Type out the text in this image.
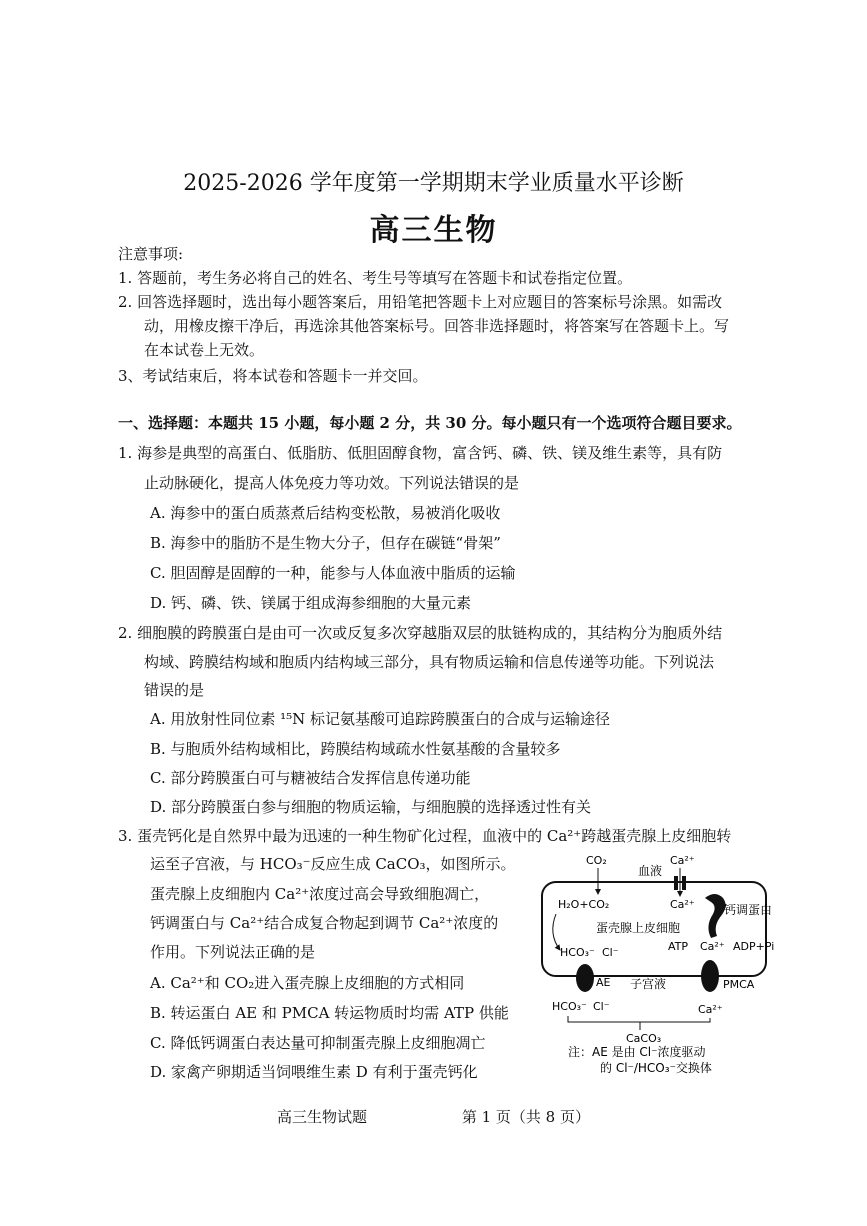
2025-2026 学年度第一学期期末学业质量水平诊断
高三生物
注意事项:
1. 答题前，考生务必将自己的姓名、考生号等填写在答题卡和试卷指定位置。
2. 回答选择题时，选出每小题答案后，用铅笔把答题卡上对应题目的答案标号涂黑。如需改
动，用橡皮擦干净后，再选涂其他答案标号。回答非选择题时，将答案写在答题卡上。写
在本试卷上无效。
3、考试结束后，将本试卷和答题卡一并交回。
一、选择题：本题共 15 小题，每小题 2 分，共 30 分。每小题只有一个选项符合题目要求。
1. 海参是典型的高蛋白、低脂肪、低胆固醇食物，富含钙、磷、铁、镁及维生素等，具有防
止动脉硬化，提高人体免疫力等功效。下列说法错误的是
A. 海参中的蛋白质蒸煮后结构变松散，易被消化吸收
B. 海参中的脂肪不是生物大分子，但存在碳链“骨架”
C. 胆固醇是固醇的一种，能参与人体血液中脂质的运输
D. 钙、磷、铁、镁属于组成海参细胞的大量元素
2. 细胞膜的跨膜蛋白是由可一次或反复多次穿越脂双层的肽链构成的，其结构分为胞质外结
构域、跨膜结构域和胞质内结构域三部分，具有物质运输和信息传递等功能。下列说法
错误的是
A. 用放射性同位素 ¹⁵N 标记氨基酸可追踪跨膜蛋白的合成与运输途径
B. 与胞质外结构域相比，跨膜结构域疏水性氨基酸的含量较多
C. 部分跨膜蛋白可与糖被结合发挥信息传递功能
D. 部分跨膜蛋白参与细胞的物质运输，与细胞膜的选择透过性有关
3. 蛋壳钙化是自然界中最为迅速的一种生物矿化过程，血液中的 Ca²⁺跨越蛋壳腺上皮细胞转
运至子宫液，与 HCO₃⁻反应生成 CaCO₃，如图所示。
蛋壳腺上皮细胞内 Ca²⁺浓度过高会导致细胞凋亡，
钙调蛋白与 Ca²⁺结合成复合物起到调节 Ca²⁺浓度的
作用。下列说法正确的是
A. Ca²⁺和 CO₂进入蛋壳腺上皮细胞的方式相同
B. 转运蛋白 AE 和 PMCA 转运物质时均需 ATP 供能
C. 降低钙调蛋白表达量可抑制蛋壳腺上皮细胞凋亡
D. 家禽产卵期适当饲喂维生素 D 有利于蛋壳钙化
CO₂
血液
Ca²⁺
Ca²⁺ 钙调蛋白
H₂O+CO₂
蛋壳腺上皮细胞
HCO₃⁻ Cl⁻	ATP Ca²⁺ ADP+Pi
AE 子宫液	PMCA
HCO₃⁻ Cl⁻	Ca²⁺
CaCO₃
注：AE 是由 Cl⁻浓度驱动
的 Cl⁻/HCO₃⁻交换体
高三生物试题	第 1 页（共 8 页）
